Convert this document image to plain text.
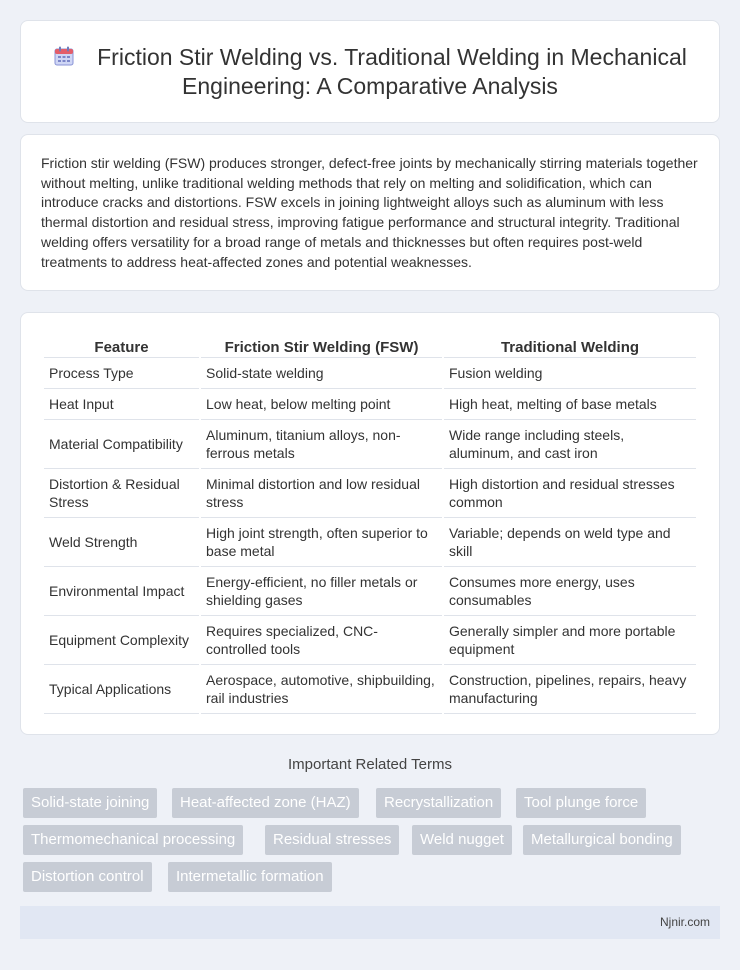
Friction Stir Welding vs. Traditional Welding in Mechanical Engineering: A Comparative Analysis

Friction stir welding (FSW) produces stronger, defect-free joints by mechanically stirring materials together without melting, unlike traditional welding methods that rely on melting and solidification, which can introduce cracks and distortions. FSW excels in joining lightweight alloys such as aluminum with less thermal distortion and residual stress, improving fatigue performance and structural integrity. Traditional welding offers versatility for a broad range of metals and thicknesses but often requires post-weld treatments to address heat-affected zones and potential weaknesses.

Feature	Friction Stir Welding (FSW)	Traditional Welding
Process Type	Solid-state welding	Fusion welding
Heat Input	Low heat, below melting point	High heat, melting of base metals
Material Compatibility	Aluminum, titanium alloys, non-ferrous metals	Wide range including steels, aluminum, and cast iron
Distortion & Residual Stress	Minimal distortion and low residual stress	High distortion and residual stresses common
Weld Strength	High joint strength, often superior to base metal	Variable; depends on weld type and skill
Environmental Impact	Energy-efficient, no filler metals or shielding gases	Consumes more energy, uses consumables
Equipment Complexity	Requires specialized, CNC-controlled tools	Generally simpler and more portable equipment
Typical Applications	Aerospace, automotive, shipbuilding, rail industries	Construction, pipelines, repairs, heavy manufacturing
Important Related Terms
Solid-state joining	Heat-affected zone (HAZ)	Recrystallization	Tool plunge force
Thermomechanical processing	Residual stresses	Weld nugget	Metallurgical bonding
Distortion control	Intermetallic formation
Njnir.com
